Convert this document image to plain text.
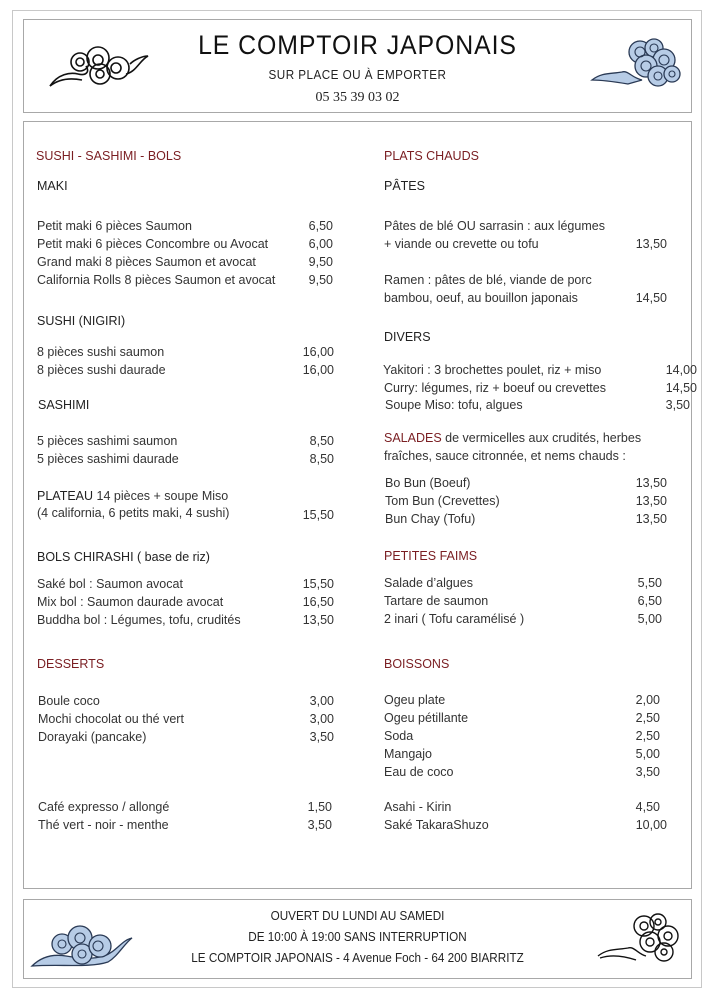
LE COMPTOIR JAPONAIS
SUR PLACE OU À EMPORTER
05 35 39 03 02
SUSHI - SASHIMI - BOLS
MAKI
Petit maki 6 pièces Saumon	6,50
Petit maki 6 pièces Concombre ou Avocat	6,00
Grand maki 8 pièces Saumon et avocat	9,50
California Rolls 8 pièces Saumon et avocat	9,50
SUSHI (NIGIRI)
8 pièces sushi saumon	16,00
8 pièces sushi daurade	16,00
SASHIMI
5 pièces sashimi saumon	8,50
5 pièces sashimi daurade	8,50
PLATEAU 14 pièces + soupe Miso
(4 california, 6 petits maki, 4 sushi)	15,50
BOLS CHIRASHI ( base de riz)
Saké bol : Saumon avocat	15,50
Mix bol : Saumon daurade avocat	16,50
Buddha bol : Légumes, tofu, crudités	13,50
DESSERTS
Boule coco	3,00
Mochi chocolat ou thé vert	3,00
Dorayaki (pancake)	3,50
Café expresso / allongé	1,50
Thé vert - noir - menthe	3,50
PLATS CHAUDS
PÂTES
Pâtes de blé OU sarrasin : aux légumes
+ viande ou crevette ou tofu	13,50
Ramen : pâtes de blé, viande de porc
bambou, oeuf, au bouillon japonais	14,50
DIVERS
Yakitori : 3 brochettes poulet, riz + miso	14,00
Curry: légumes, riz + boeuf ou crevettes	14,50
Soupe Miso: tofu, algues	3,50
SALADES de vermicelles aux crudités, herbes
fraîches, sauce citronnée, et nems chauds :
Bo Bun (Boeuf)	13,50
Tom Bun (Crevettes)	13,50
Bun Chay (Tofu)	13,50
PETITES FAIMS
Salade d’algues	5,50
Tartare de saumon	6,50
2 inari ( Tofu caramélisé )	5,00
BOISSONS
Ogeu plate	2,00
Ogeu pétillante	2,50
Soda	2,50
Mangajo	5,00
Eau de coco	3,50
Asahi - Kirin	4,50
Saké TakaraShuzo	10,00
OUVERT DU LUNDI AU SAMEDI
DE 10:00 À 19:00 SANS INTERRUPTION
LE COMPTOIR JAPONAIS - 4 Avenue Foch - 64 200 BIARRITZ
